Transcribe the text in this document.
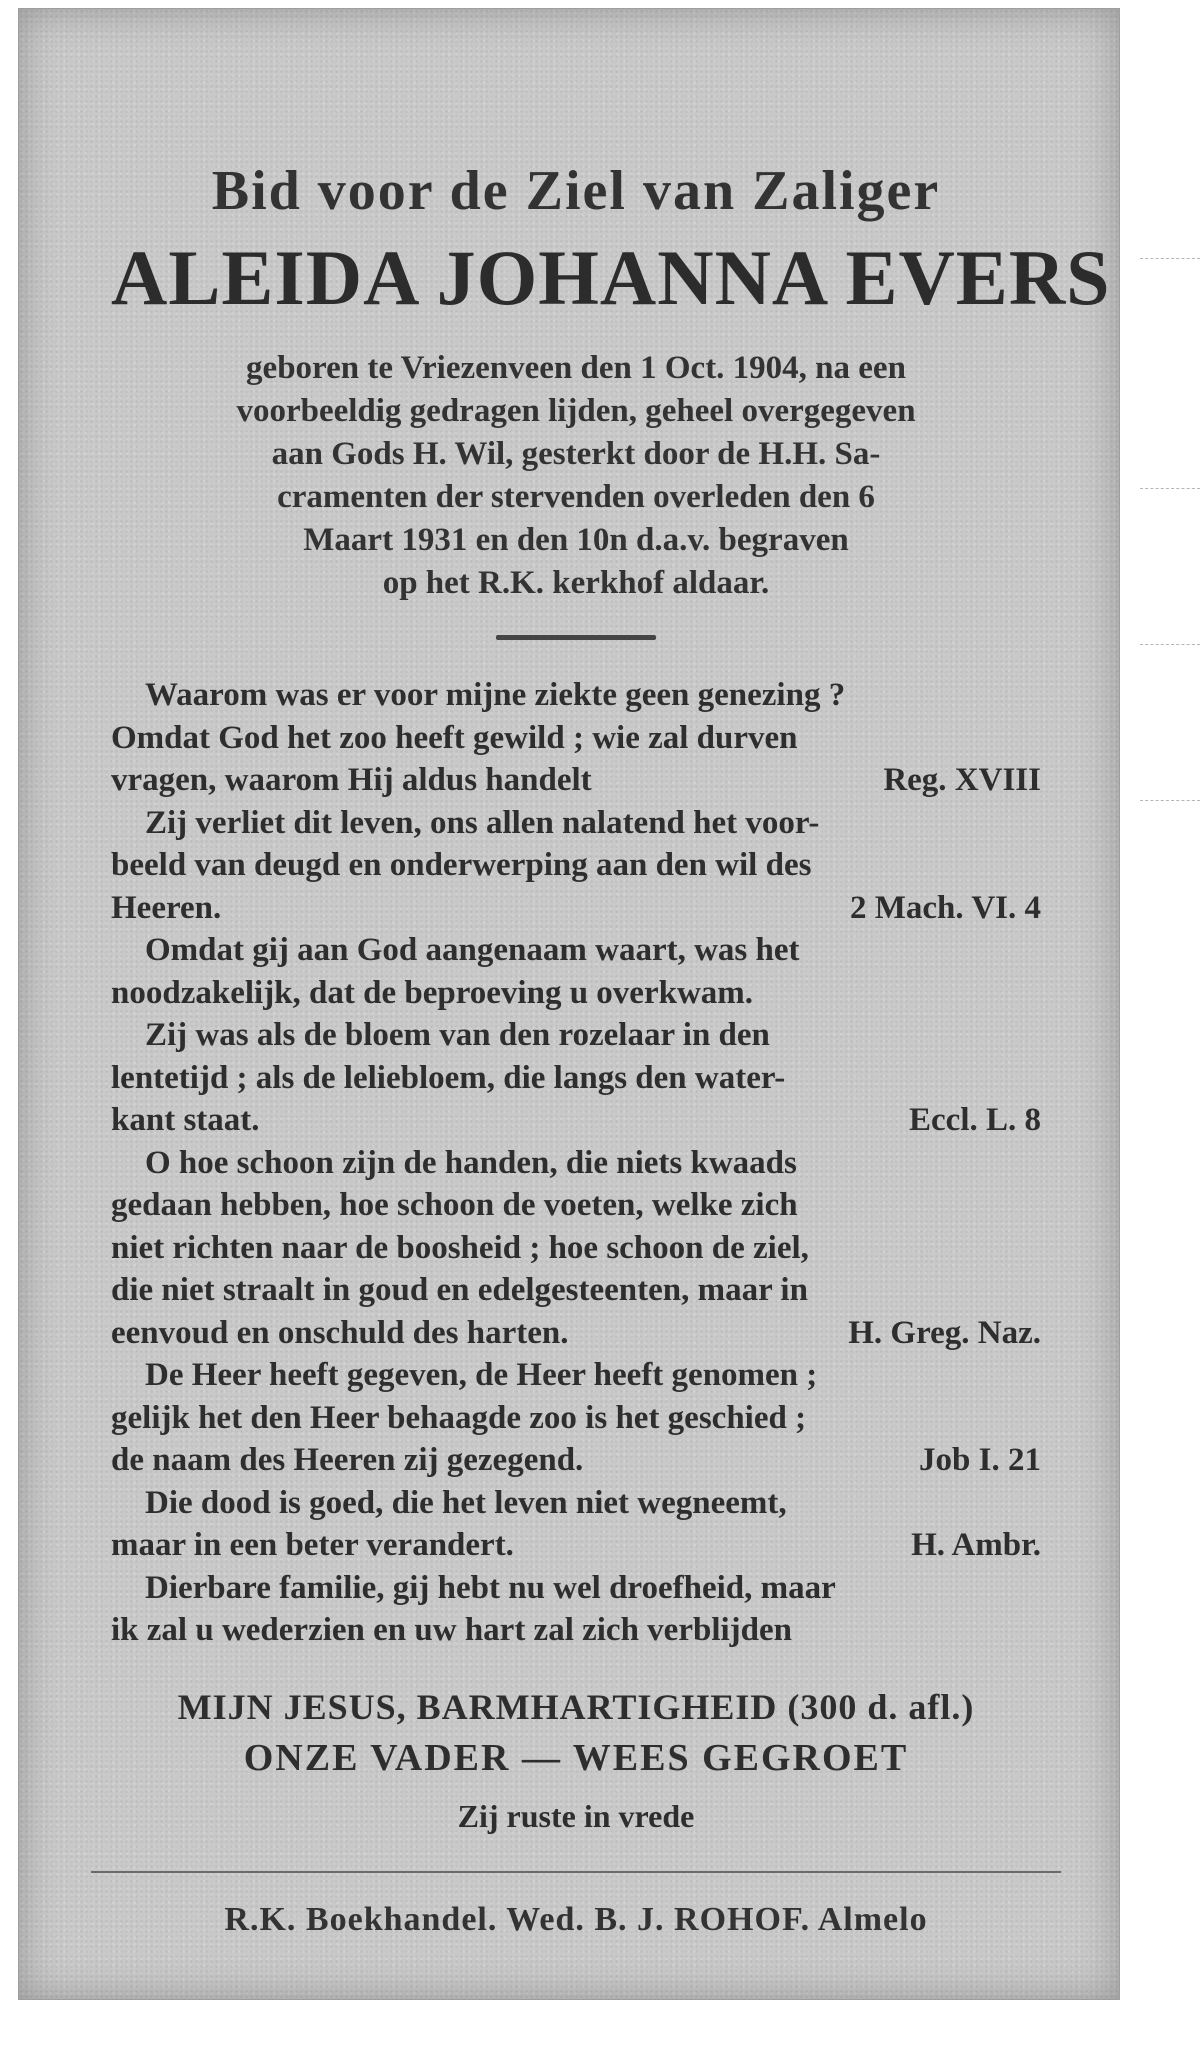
Bid voor de Ziel van Zaliger
ALEIDA JOHANNA EVERS

geboren te Vriezenveen den 1 Oct. 1904, na een

voorbeeldig gedragen lijden, geheel overgegeven

aan Gods H. Wil, gesterkt door de H.H. Sa-

cramenten der stervenden overleden den 6

Maart 1931 en den 10n d.a.v. begraven

op het R.K. kerkhof aldaar.

Waarom was er voor mijne ziekte geen genezing ?
Omdat God het zoo heeft gewild ; wie zal durven
vragen, waarom Hij aldus handelt	Reg. XVIII
Zij verliet dit leven, ons allen nalatend het voor-
beeld van deugd en onderwerping aan den wil des
Heeren.	2 Mach. VI. 4
Omdat gij aan God aangenaam waart, was het
noodzakelijk, dat de beproeving u overkwam.
Zij was als de bloem van den rozelaar in den
lentetijd ; als de leliebloem, die langs den water-
kant staat.	Eccl. L. 8
O hoe schoon zijn de handen, die niets kwaads
gedaan hebben, hoe schoon de voeten, welke zich
niet richten naar de boosheid ; hoe schoon de ziel,
die niet straalt in goud en edelgesteenten, maar in
eenvoud en onschuld des harten.	H. Greg. Naz.
De Heer heeft gegeven, de Heer heeft genomen ;
gelijk het den Heer behaagde zoo is het geschied ;
de naam des Heeren zij gezegend.	Job I. 21
Die dood is goed, die het leven niet wegneemt,
maar in een beter verandert.	H. Ambr.
Dierbare familie, gij hebt nu wel droefheid, maar
ik zal u wederzien en uw hart zal zich verblijden

MIJN JESUS, BARMHARTIGHEID (300 d. afl.)

ONZE VADER — WEES GEGROET

Zij ruste in vrede

R.K. Boekhandel. Wed. B. J. ROHOF. Almelo
